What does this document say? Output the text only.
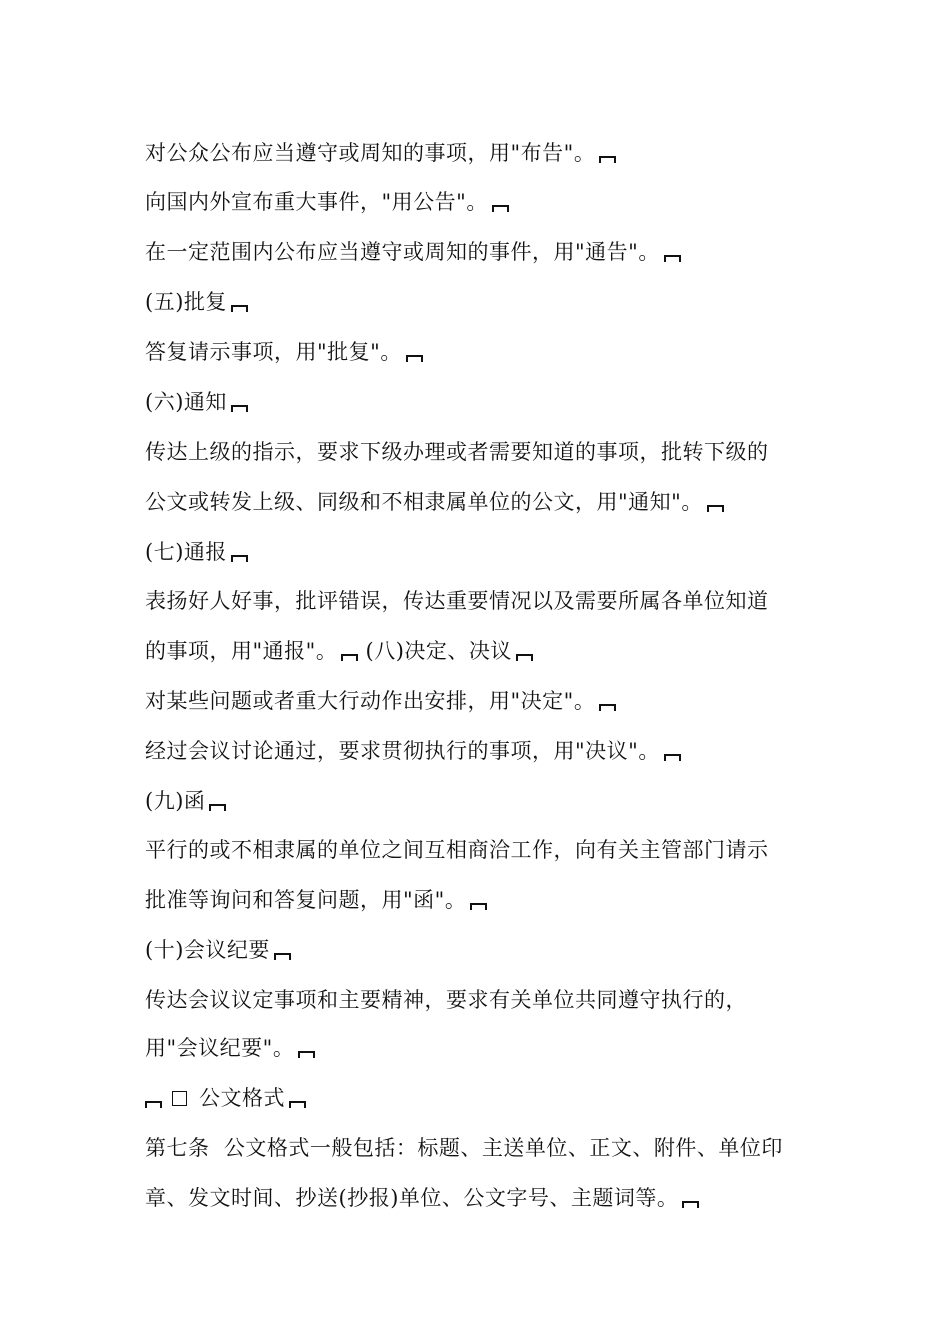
对公众公布应当遵守或周知的事项，用"布告"。
向国内外宣布重大事件，"用公告"。
在一定范围内公布应当遵守或周知的事件，用"通告"。
(五)批复
答复请示事项，用"批复"。
(六)通知
传达上级的指示，要求下级办理或者需要知道的事项，批转下级的
公文或转发上级、同级和不相隶属单位的公文，用"通知"。
(七)通报
表扬好人好事，批评错误，传达重要情况以及需要所属各单位知道
的事项，用"通报"。 (八)决定、决议
对某些问题或者重大行动作出安排，用"决定"。
经过会议讨论通过，要求贯彻执行的事项，用"决议"。
(九)函
平行的或不相隶属的单位之间互相商洽工作，向有关主管部门请示
批准等询问和答复问题，用"函"。
(十)会议纪要
传达会议议定事项和主要精神，要求有关单位共同遵守执行的，
用"会议纪要"。
公文格式
第七条  公文格式一般包括：标题、主送单位、正文、附件、单位印
章、发文时间、抄送(抄报)单位、公文字号、主题词等。
